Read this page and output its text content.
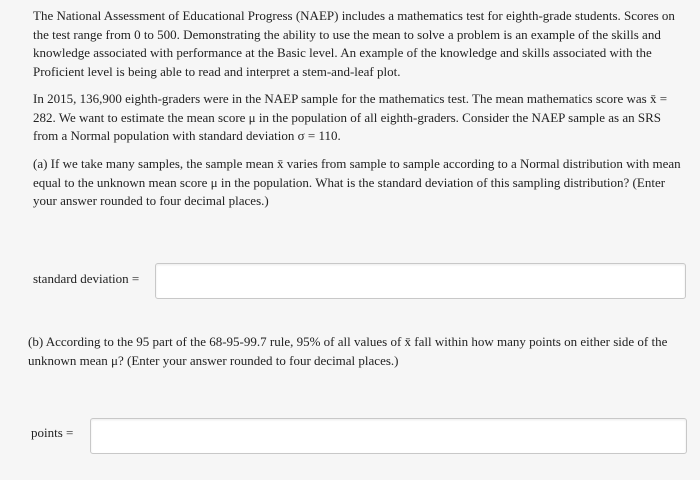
The National Assessment of Educational Progress (NAEP) includes a mathematics test for eighth-grade students. Scores on the test range from 0 to 500. Demonstrating the ability to use the mean to solve a problem is an example of the skills and knowledge associated with performance at the Basic level. An example of the knowledge and skills associated with the Proficient level is being able to read and interpret a stem-and-leaf plot.

In 2015, 136,900 eighth-graders were in the NAEP sample for the mathematics test. The mean mathematics score was x̄ = 282. We want to estimate the mean score μ in the population of all eighth-graders. Consider the NAEP sample as an SRS from a Normal population with standard deviation σ = 110.

(a) If we take many samples, the sample mean x̄ varies from sample to sample according to a Normal distribution with mean equal to the unknown mean score μ in the population. What is the standard deviation of this sampling distribution? (Enter your answer rounded to four decimal places.)

standard deviation =

(b) According to the 95 part of the 68‑95‑99.7 rule, 95% of all values of x̄ fall within how many points on either side of the unknown mean μ? (Enter your answer rounded to four decimal places.)

points =
